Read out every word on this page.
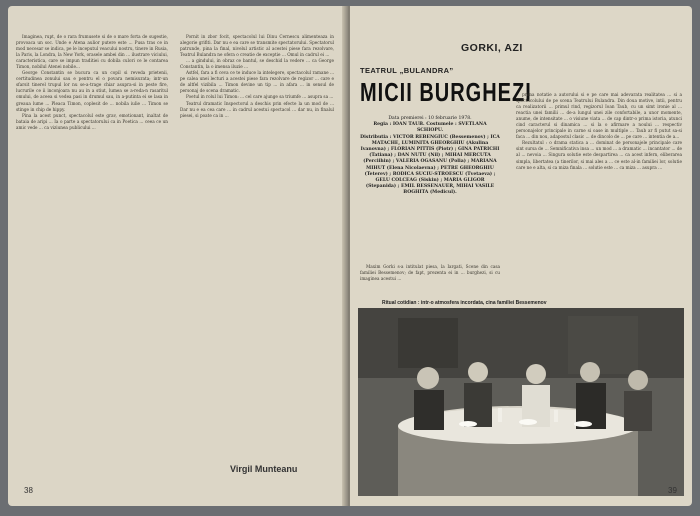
Imaginea, rupt, de o rara frumusete si de o mare forta de sugestie, provoaca un soc. Unde e Atena aulior putere este ... Pusa tras ce in mod necesar se indica, pe le inceputul veacului nostru, tinere in Rusia, la Paris, la Londra, la New York, orasele ambei din ... ilustrare viciului, caracteristica, care se impun traditiei cu dobila culori ce le contarea Timon, nobilul Atenei nobile...

George Constantin se bucura ca un copil si reveda prietenii, certitudinea zonului sau e pentru el o povara nemisurata; intr-un sfarsit tinerel trupul lor nu se-a-trage chiar asupra-si in peste fire, lucrurile ce ii inconjoara nu au in a stiut, lumea se a-reda-n rasaritul omului, de aceea si vedea pasi in drumul sau, in a-putinta ei se lasa in greaua lume ... Pleaca Timon, coplesit de ... nobila iulie ... Timon se stinge in chip de hippy.

Pina la acest punct, spectacolul este grav, emotionant, inaltat de bataia de aripi ... Ia o parte a spectatorului ca in Poetica ... ceea ce un amic vede ... ca viziunea publicului ...

Pornit in zbor focit, spectacolul lui Dinu Cernescu alimenteaza in alegorie grifiti. Dar nu e ea care se transmite spectatorului. Spectatorul patrunde, pina la final, nivelul artistic al acestei piese fara rezolvare, Teatrul Bulandra ne ofera o creatie de exceptie ... Omul in cadrul ei ...

... a gindului, in obraz ce bantul, se deschid la vedere ... ca George Constantin, la o imensa iluzie ...

Astfel, fara a fi ceva ce te induce la intelegere, spectacolul ramane ... pe calea unei lecturi a acestei piese fara rezolvare de regizor ... care e de altfel vizibila ... Timon devine un tip ... in afara ... in sensul de personaj de scena dramatic.

Poetul in rolul lui Timon: ... cel care ajunge sa triumfe ... asupra sa ...

Teatrul dramatic Inspectorul a deschis prin efecte la un mod de ... Dar nu e ea cea care ... in cadrul acestui spectacol ... dar nu, in finalul piesei, si poate ca in ...

Virgil Munteanu
38
GORKI, AZI
TEATRUL „BULANDRA”
MICII BURGHEZI
Data premierei : 10 februarie 1978.
Regia : IOAN TAUB. Costumele : SVETLANA SCHIOPU.
Distributia : VICTOR REBENGIUC (Bessemenov) ; ICA MATACHE, LUMINITA GHEORGHIU (Akulina Ivanovna) ; FLORIAN PITTIS (Piotr) ; GINA PATRICHI (Tatiana) ; DAN NUTU (Nil) ; MIHAI MERCUTA (Perciihin) ; VALERIA OGASANU (Polia) ; MARIANA MIHUT (Elena Nicolaevna) ; PETRE GHEORGHIU (Teterev) ; RODICA SUCIU-STROESCU (Tvetaeva) ; GELU COLCEAG (Siskin) ; MARIA GLIGOR (Stepanida) ; EMIL BESSENAUER, MIHAI VASILE BOGHITA (Medicul).

Maxim Gorki s-a intitulat piesa, la Iargati, Scene din casa familiei Bessemenov; de fapt, prezenta ei in ... burghezi, si cu imaginea acestui ...

prima notatie a autorului si e pe care mai adevarata realitatea ... si a spectacolului de pe scena Teatrului Bulandra. Din doua motive, intii, pentru ca realizatorii ... primul rind, regizorul Ioan Taub, cu un simt ironie al ... reactia unei familii ... de-a lungul unei zile confortabile, a unor momente, anume, de intensitate ... o visiune viata ... de cap dintr-o prima istoria, atunci cind caracterul si dinamica ... si la o afirmare a noului ... respectiv personajelor principale in carne si oase in multiple ... Taub ar fi putut sa-si faca ... din nou, adapostul clasic ... de dincolo de ... pe care ... intentia de a...

Rezultatul : o drama statica a ... dominat de personajele principale care sint sursa de ... Semnificativa insa ... un mod ... a dramatic ... incantator ... de al ... nevoia ... Singura solutie este despartirea ... ca acest infern, eliberarea simpla, libertatea (a tinerilor, si mai ales a ... ce este al-in familiei lor, solutie care ne e alta, si ca miza finala ... solutie este ... ca miza ... asupra ...

Ritual cotidian : intr-o atmosfera incordata, cina familiei Bessemenov
39
